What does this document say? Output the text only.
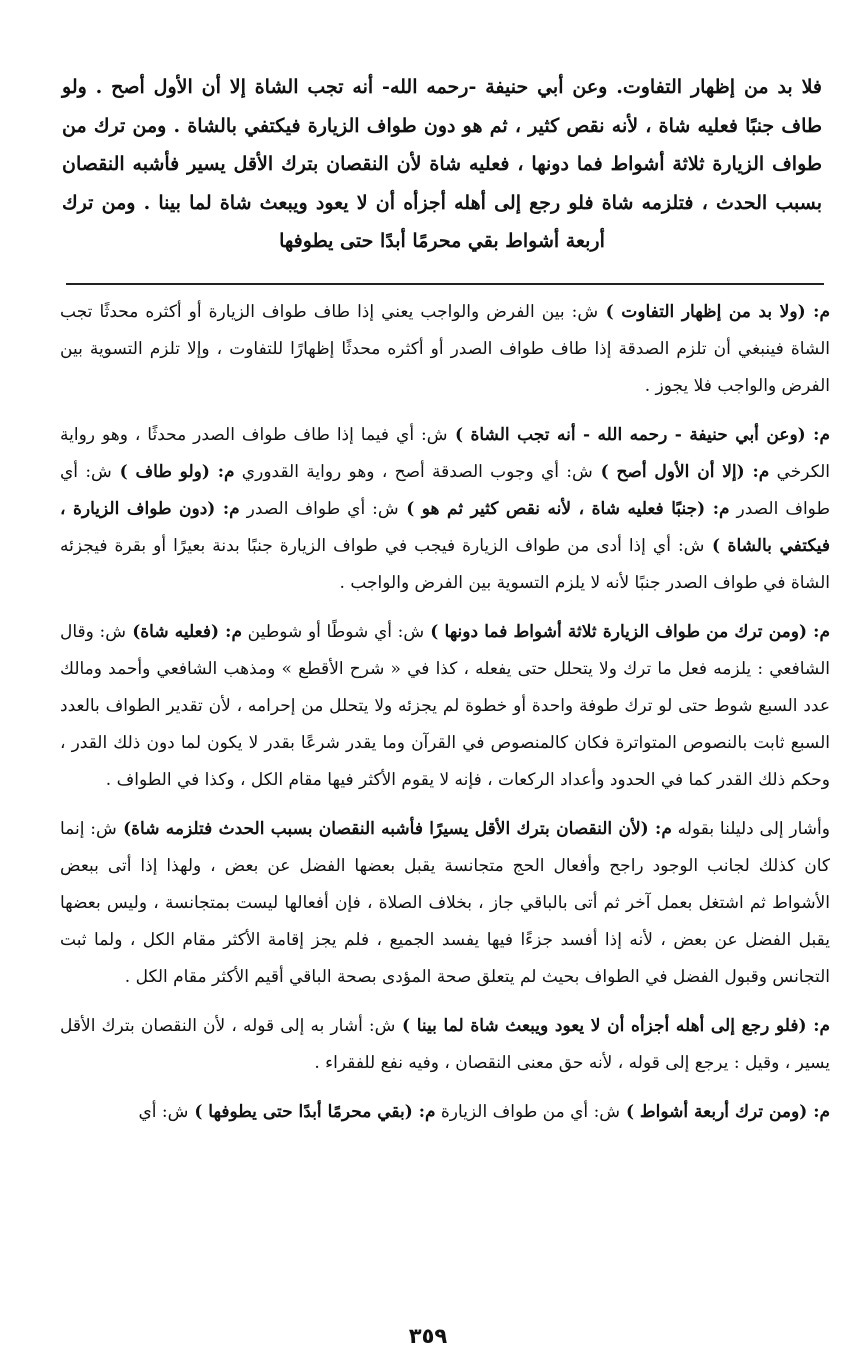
فلا بد من إظهار التفاوت. وعن أبي حنيفة -رحمه الله- أنه تجب الشاة إلا أن الأول أصح . ولو طاف جنبًا فعليه شاة ، لأنه نقص كثير ، ثم هو دون طواف الزيارة فيكتفي بالشاة . ومن ترك من طواف الزيارة ثلاثة أشواط فما دونها ، فعليه شاة لأن النقصان بترك الأقل يسير فأشبه النقصان بسبب الحدث ، فتلزمه شاة فلو رجع إلى أهله أجزأه أن لا يعود ويبعث شاة لما بينا . ومن ترك أربعة أشواط بقي محرمًا أبدًا حتى يطوفها

م: (ولا بد من إظهار التفاوت ) ش: بين الفرض والواجب يعني إذا طاف طواف الزيارة أو أكثره محدثًا تجب الشاة فينبغي أن تلزم الصدقة إذا طاف طواف الصدر أو أكثره محدثًا إظهارًا للتفاوت ، وإلا تلزم التسوية بين الفرض والواجب فلا يجوز .

م: (وعن أبي حنيفة - رحمه الله - أنه تجب الشاة ) ش: أي فيما إذا طاف طواف الصدر محدثًا ، وهو رواية الكرخي م: (إلا أن الأول أصح ) ش: أي وجوب الصدقة أصح ، وهو رواية القدوري م: (ولو طاف ) ش: أي طواف الصدر م: (جنبًا فعليه شاة ، لأنه نقص كثير ثم هو ) ش: أي طواف الصدر م: (دون طواف الزيارة ، فيكتفي بالشاة ) ش: أي إذا أدى من طواف الزيارة فيجب في طواف الزيارة جنبًا بدنة بعيرًا أو بقرة فيجزئه الشاة في طواف الصدر جنبًا لأنه لا يلزم التسوية بين الفرض والواجب .

م: (ومن ترك من طواف الزيارة ثلاثة أشواط فما دونها ) ش: أي شوطًا أو شوطين م: (فعليه شاة) ش: وقال الشافعي : يلزمه فعل ما ترك ولا يتحلل حتى يفعله ، كذا في « شرح الأقطع » ومذهب الشافعي وأحمد ومالك عدد السبع شوط حتى لو ترك طوفة واحدة أو خطوة لم يجزئه ولا يتحلل من إحرامه ، لأن تقدير الطواف بالعدد السبع ثابت بالنصوص المتواترة فكان كالمنصوص في القرآن وما يقدر شرعًا بقدر لا يكون لما دون ذلك القدر ، وحكم ذلك القدر كما في الحدود وأعداد الركعات ، فإنه لا يقوم الأكثر فيها مقام الكل ، وكذا في الطواف .

وأشار إلى دليلنا بقوله م: (لأن النقصان بترك الأقل يسيرًا فأشبه النقصان بسبب الحدث فتلزمه شاة) ش: إنما كان كذلك لجانب الوجود راجح وأفعال الحج متجانسة يقبل بعضها الفضل عن بعض ، ولهذا إذا أتى ببعض الأشواط ثم اشتغل بعمل آخر ثم أتى بالباقي جاز ، بخلاف الصلاة ، فإن أفعالها ليست بمتجانسة ، وليس بعضها يقبل الفضل عن بعض ، لأنه إذا أفسد جزءًا فيها يفسد الجميع ، فلم يجز إقامة الأكثر مقام الكل ، ولما ثبت التجانس وقبول الفضل في الطواف بحيث لم يتعلق صحة المؤدى بصحة الباقي أقيم الأكثر مقام الكل .

م: (فلو رجع إلى أهله أجزأه أن لا يعود ويبعث شاة لما بينا ) ش: أشار به إلى قوله ، لأن النقصان بترك الأقل يسير ، وقيل : يرجع إلى قوله ، لأنه حق معنى النقصان ، وفيه نفع للفقراء .

م: (ومن ترك أربعة أشواط ) ش: أي من طواف الزيارة م: (بقي محرمًا أبدًا حتى يطوفها ) ش: أي

٣٥٩
